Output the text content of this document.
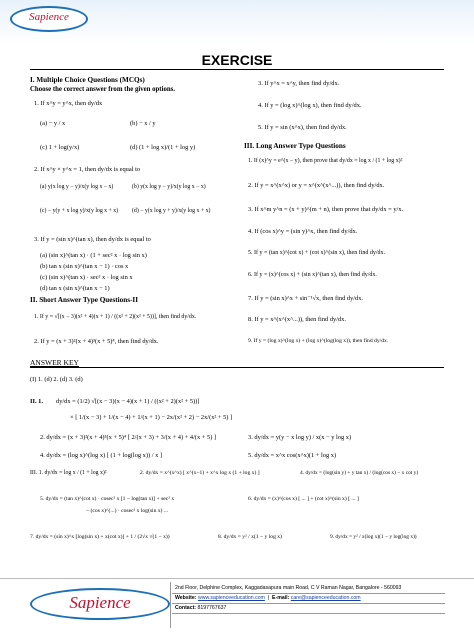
Sapience
EXERCISE
I. Multiple Choice Questions (MCQs)
Choose the correct answer from the given options.
1. If x^y = y^x, then dy/dx
(a) − y / x	(b) − x / y
(c) 1 + log(y/x)	(d) (1 + log x)/(1 + log y)
2. If x^y × y^x = 1, then dy/dx is equal to
(a) y(x log y − y)/x(y log x − x)	(b) y(x log y − y)/x(y log x − x)
(c) − y(y + x log y)/x(y log x + x) (d) − y(x log y + y)/x(y log x + x)
3. If y = (sin x)^(tan x), then dy/dx is equal to
(a) (sin x)^(tan x) · (1 + sec² x · log sin x)
(b) tan x (sin x)^(tan x − 1) · cos x
(c) (sin x)^(tan x) · sec² x · log sin x
(d) tan x (sin x)^(tan x − 1)
II. Short Answer Type Questions-II
1. If y = √[(x − 3)(x² + 4)(x + 1) / ((x² + 2)(x² + 5))], then find dy/dx.
2. If y = (x + 3)²(x + 4)³(x + 5)⁴, then find dy/dx.
3. If y^x = x^y, then find dy/dx.
4. If y = (log x)^(log x), then find dy/dx.
5. If y = sin (x^x), then find dy/dx.
III. Long Answer Type Questions
1. If (x)^y = e^(x − y), then prove that dy/dx = log x / (1 + log x)²
2. If y = x^(x^x) or y = x^(x^(x^...)), then find dy/dx.
3. If x^m y^n = (x + y)^(m + n), then prove that dy/dx = y/x.
4. If (cos x)^y = (sin y)^x, then find dy/dx.
5. If y = (tan x)^(cot x) + (cot x)^(sin x), then find dy/dx.
6. If y = (x)^(cos x) + (sin x)^(tan x), then find dy/dx.
7. If y = (sin x)^x + sin⁻¹√x, then find dy/dx.
8. If y = x^(x^(x^...)), then find dy/dx.
9. If y = (log x)^(log x) + (log x)^(log(log x)), then find dy/dx.
ANSWER KEY
(I) 1. (d) 2. (d) 3. (d)
II. 1. dy/dx = (1/2) √[(x − 3)(x − 4)(x + 1) / ((x² + 2)(x² + 5))]
× [ 1/(x − 3) + 1/(x − 4) + 1/(x + 1) − 2x/(x² + 2) − 2x/(x² + 5) ]
2. dy/dx = (x + 3)²(x + 4)³(x + 5)⁴ [ 2/(x + 3) + 3/(x + 4) + 4/(x + 5) ]	3. dy/dx = y(y − x log y) / x(x − y log x)
4. dy/dx = (log x)^(log x) [ (1 + log(log x)) / x ]	5. dy/dx = x^x cos(x^x)(1 + log x)
III. 1. dy/dx = log x / (1 + log x)²	2. dy/dx = x^(x^x) [ x^(x−1) + x^x log x (1 + log x) ]	4. dy/dx = (log(sin y) + y tan x) / (log(cos x) − x cot y)
5. dy/dx = (tan x)^(cot x) · cosec² x [1 − log(tan x)] + sec² x
− (cos x)^(...) · cosec² x log(sin x) ...
6. dy/dx = (x)^(cos x) [ ... ] + (cot x)^(sin x) [ ... ]
7. dy/dx = (sin x)^x [log(sin x) + x(cot x)] + 1 / (2√x √(1 − x))	8. dy/dx = y² / x(1 − y log x)	9. dy/dx = y² / x(log x)(1 − y log(log x))
Sapience
2nd Floor, Delphine Complex, Kaggadasapura main Road, C V Raman Nagar, Bangalore - 560093
Website: www.sapienceeducation.com  |  E-mail: care@sapienceeducation.com
Contact: 8197767637
